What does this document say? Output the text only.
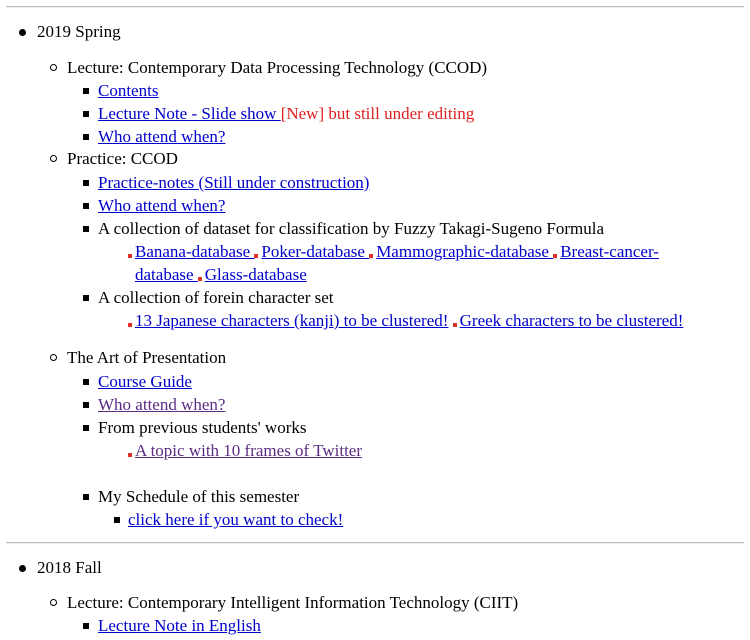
2019 Spring
Lecture: Contemporary Data Processing Technology (CCOD)
Contents
Lecture Note - Slide show [New] but still under editing
Who attend when?
Practice: CCOD
Practice-notes (Still under construction)
Who attend when?
A collection of dataset for classification by Fuzzy Takagi-Sugeno Formula
Banana-database
Poker-database
Mammographic-database
Breast-cancer-
database
Glass-database
A collection of forein character set
13 Japanese characters (kanji) to be clustered! Greek characters to be clustered!
The Art of Presentation
Course Guide
Who attend when?
From previous students' works
A topic with 10 frames of Twitter
My Schedule of this semester
click here if you want to check!
2018 Fall
Lecture: Contemporary Intelligent Information Technology (CIIT)
Lecture Note in English
